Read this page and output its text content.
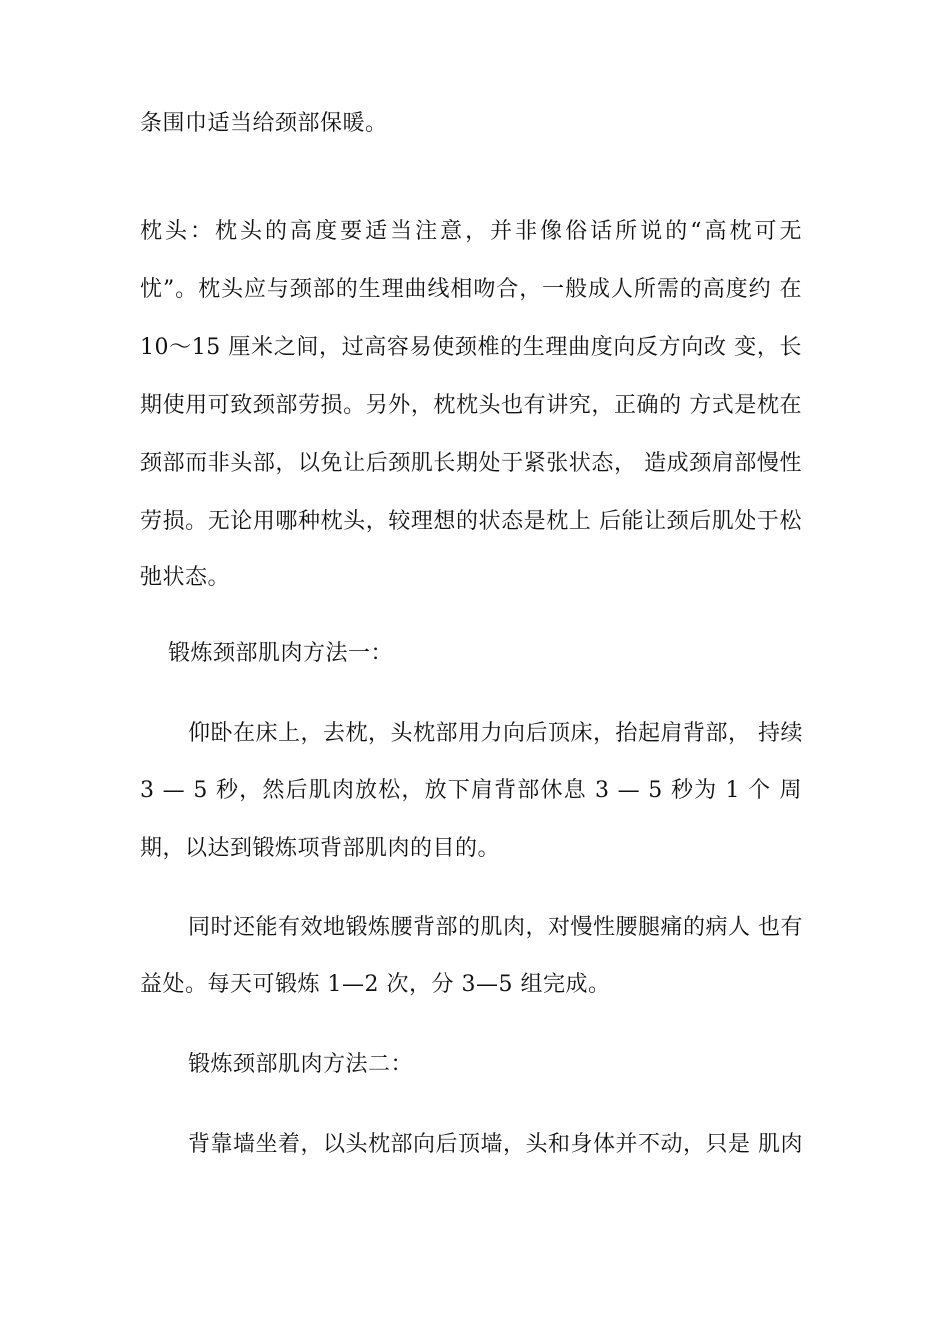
条围巾适当给颈部保暖。
枕头：枕头的高度要适当注意，并非像俗话所说的“高枕可无
忧”。枕头应与颈部的生理曲线相吻合，一般成人所需的高度约 在
10〜15 厘米之间，过高容易使颈椎的生理曲度向反方向改 变，长
期使用可致颈部劳损。另外，枕枕头也有讲究，正确的 方式是枕在
颈部而非头部，以免让后颈肌长期处于紧张状态， 造成颈肩部慢性
劳损。无论用哪种枕头，较理想的状态是枕上 后能让颈后肌处于松
弛状态。
锻炼颈部肌肉方法一：
仰卧在床上，去枕，头枕部用力向后顶床，抬起肩背部， 持续
3 — 5 秒，然后肌肉放松，放下肩背部休息 3 — 5 秒为 1 个 周
期，以达到锻炼项背部肌肉的目的。
同时还能有效地锻炼腰背部的肌肉，对慢性腰腿痛的病人 也有
益处。每天可锻炼 1—2 次，分 3—5 组完成。
锻炼颈部肌肉方法二：
背靠墙坐着，以头枕部向后顶墙，头和身体并不动，只是 肌肉
